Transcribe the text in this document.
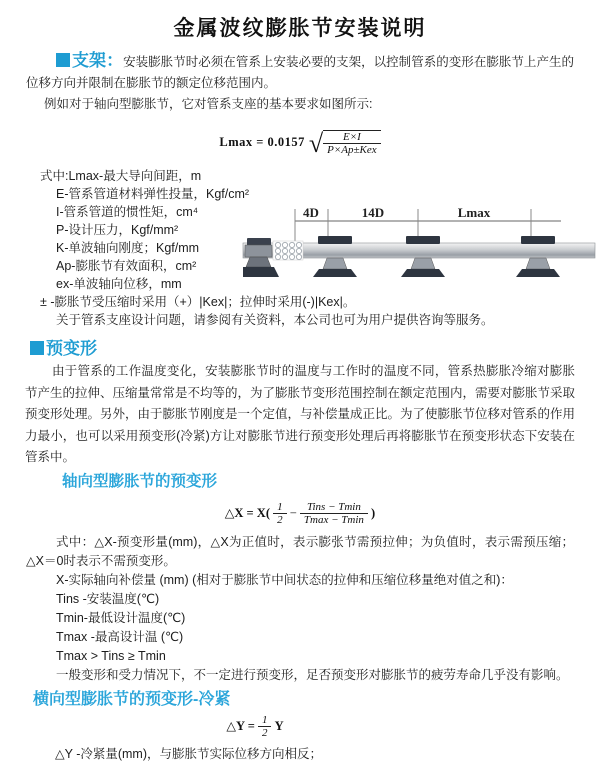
金属波纹膨胀节安装说明

支架：安装膨胀节时必须在管系上安装必要的支架，以控制管系的变形在膨胀节上产生的位移方向并限制在膨胀节的额定位移范围内。

例如对于轴向型膨胀节，它对管系支座的基本要求如图所示:

Lmax = 0.0157 √ $\frac{E\times I}{\text{P×Ap±Kex}}$
式中:Lmax-最大导向间距，m
E-管系管道材料弹性投量，Kgf/cm²
I-管系管道的惯性矩，cm⁴
P-设计压力，Kgf/mm²
K-单波轴向刚度；Kgf/mm
Ap-膨胀节有效面积，cm²
ex-单波轴向位移，mm
± -膨胀节受压缩时采用（+）|Kex|；拉伸时采用(-)|Kex|。
关于管系支座设计问题，请参阅有关资料，本公司也可为用户提供咨询等服务。
4D	14D	Lmax
预变形

由于管系的工作温度变化，安装膨胀节时的温度与工作时的温度不同，管系热膨胀冷缩对膨胀节产生的拉伸、压缩量常常是不均等的，为了膨胀节变形范围控制在额定范围内，需要对膨胀节采取预变形处理。另外，由于膨胀节刚度是一个定值，与补偿量成正比。为了使膨胀节位移对管系的作用力最小，也可以采用预变形(冷紧)方让对膨胀节进行预变形处理后再将膨胀节在预变形状态下安装在管系中。

轴向型膨胀节的预变形
△X = $X( \frac{1}{2} - \frac{\text{Tins − Tmin}}{Tmax - Tmin}$ )

式中：△X-预变形量(mm)，△X为正值时，表示膨张节需预拉伸；为负值时，表示需预压缩；△X＝0时表示不需预变形。

X-实际轴向补偿量 (mm) (相对于膨胀节中间状态的拉伸和压缩位移量绝对值之和)：
Tins -安装温度(℃)
Tmin-最低设计温度(℃)
Tmax -最高设计温 (℃)
Tmax > Tins ≥ Tmin

一般变形和受力情况下，不一定进行预变形，足否预变形对膨胀节的疲劳寿命几乎没有影响。

横向型膨胀节的预变形-冷紧
△Y = $\frac{1}{2}$ Y
△Y -冷紧量(mm)，与膨胀节实际位移方向相反；
